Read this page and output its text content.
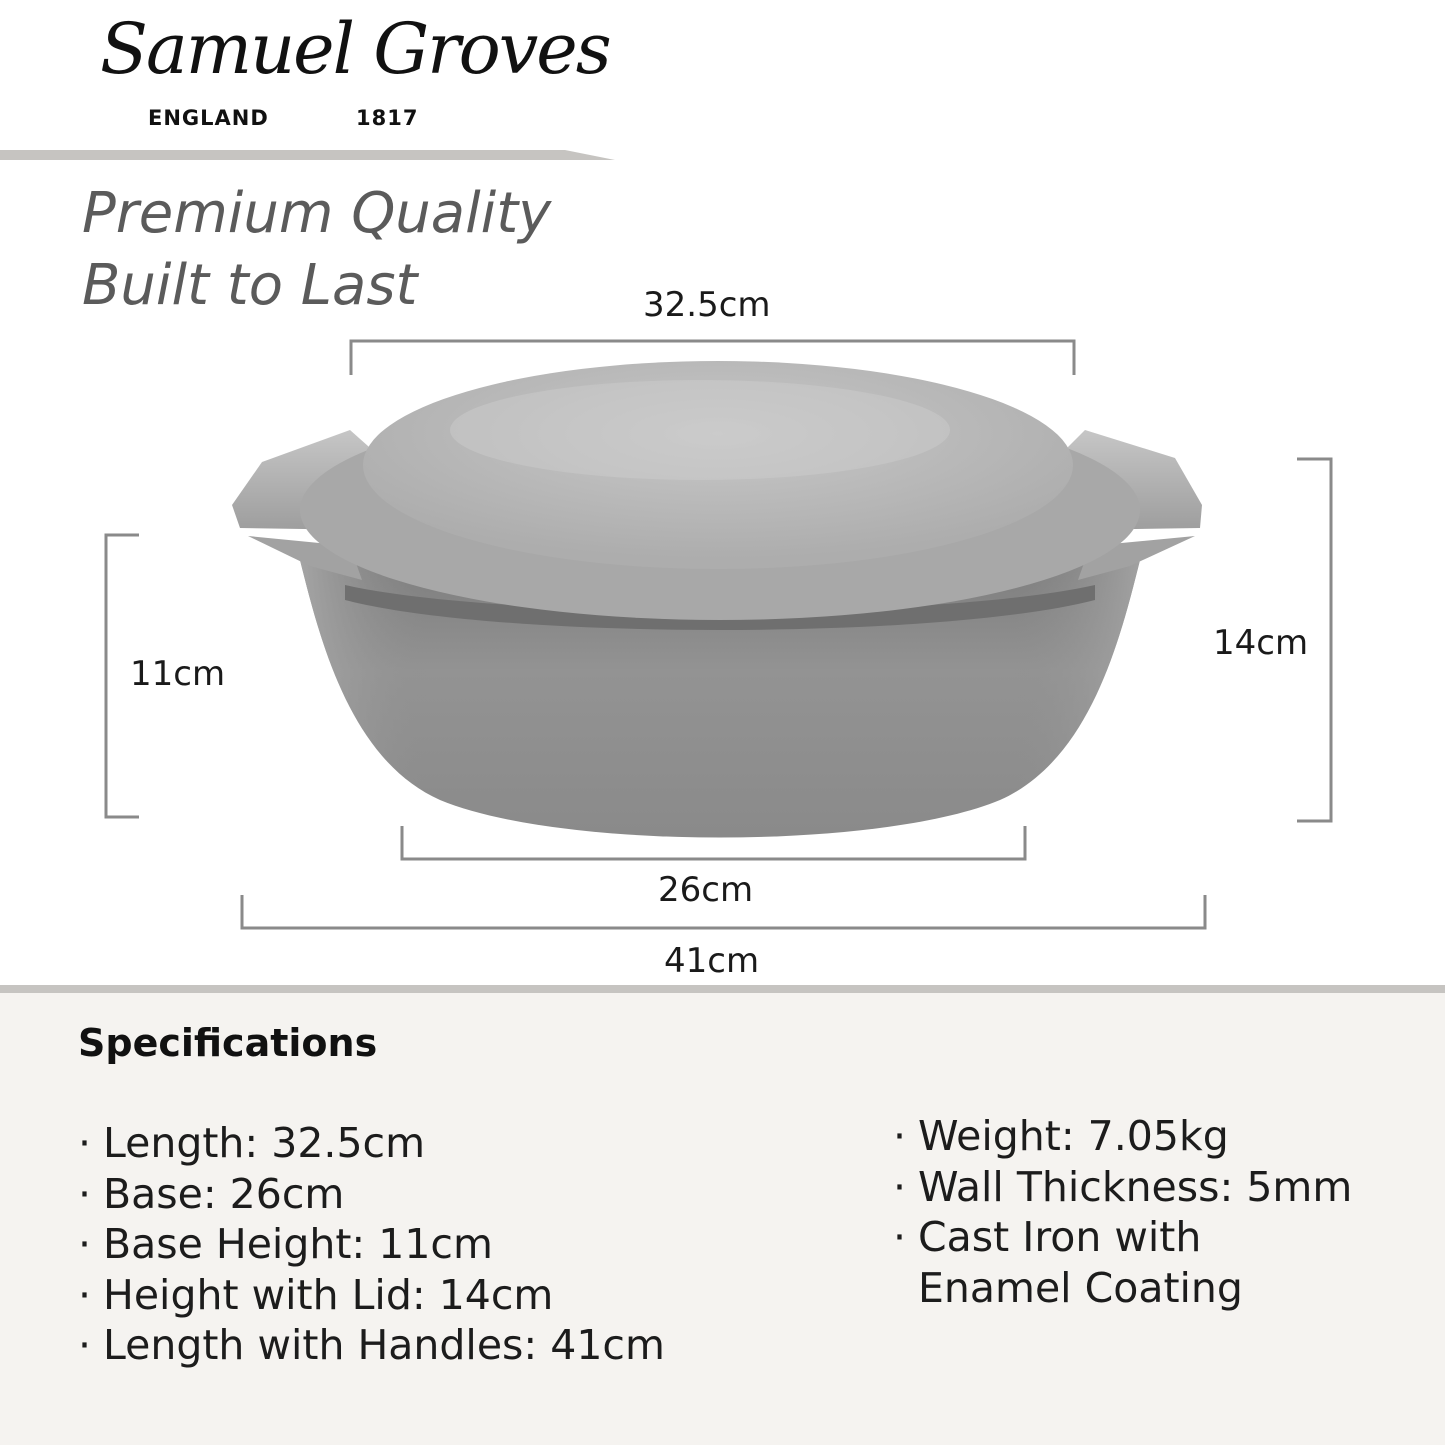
Samuel Groves
ENGLAND	1817
Premium Quality
Built to Last	32.5cm
11cm
14cm
26cm
41cm
Specifications
· Length: 32.5cm
· Base: 26cm
· Base Height: 11cm
· Height with Lid: 14cm
· Length with Handles: 41cm
· Weight: 7.05kg
· Wall Thickness: 5mm
· Cast Iron with Enamel Coating
